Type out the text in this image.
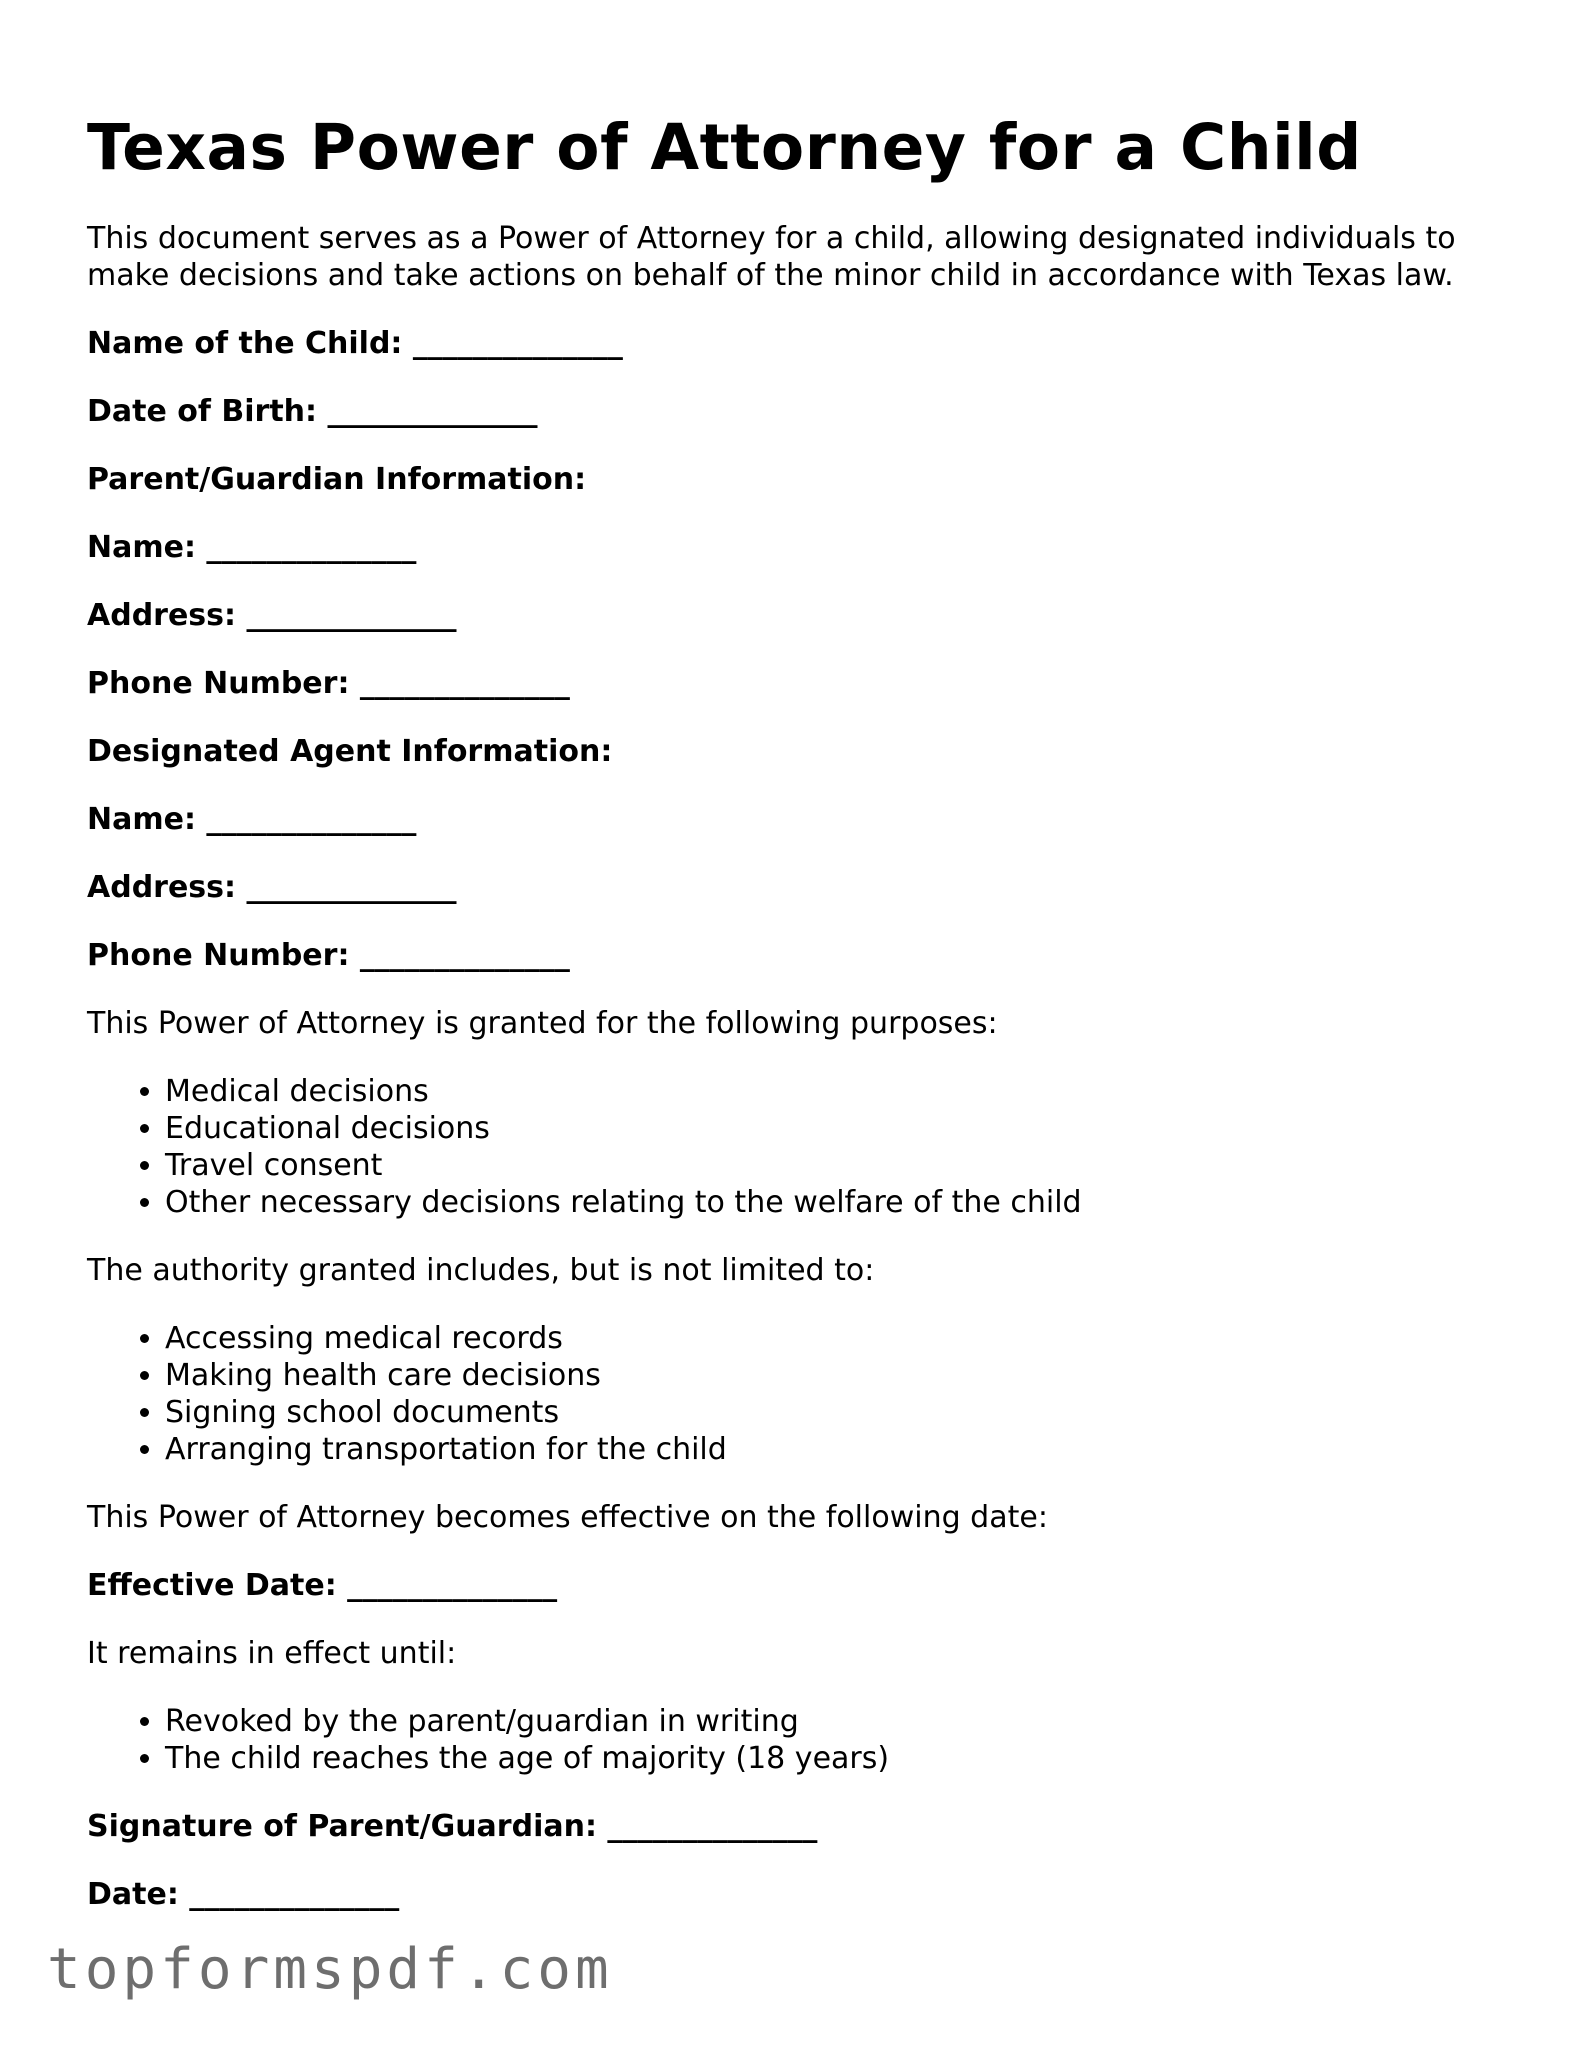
Texas Power of Attorney for a Child

This document serves as a Power of Attorney for a child, allowing designated individuals to make decisions and take actions on behalf of the minor child in accordance with Texas law.

Name of the Child: ______________

Date of Birth: ______________

Parent/Guardian Information:

Name: ______________

Address: ______________

Phone Number: ______________

Designated Agent Information:

Name: ______________

Address: ______________

Phone Number: ______________

This Power of Attorney is granted for the following purposes:

• Medical decisions
• Educational decisions
• Travel consent
• Other necessary decisions relating to the welfare of the child

The authority granted includes, but is not limited to:

• Accessing medical records
• Making health care decisions
• Signing school documents
• Arranging transportation for the child

This Power of Attorney becomes effective on the following date:

Effective Date: ______________

It remains in effect until:

• Revoked by the parent/guardian in writing
• The child reaches the age of majority (18 years)

Signature of Parent/Guardian: ______________

Date: ______________

topformspdf.com
